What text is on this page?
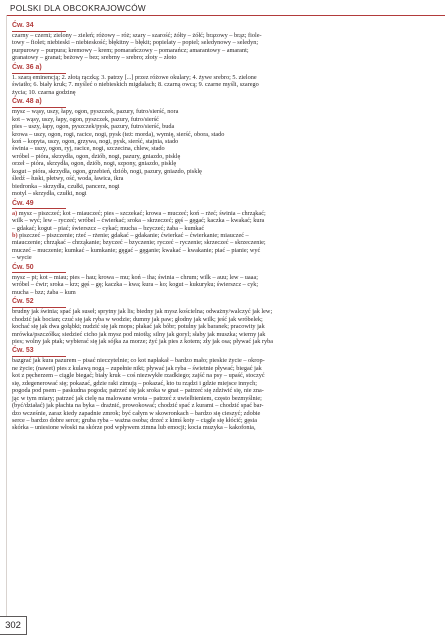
POLSKI DLA OBCOKRAJOWCÓW
Ćw. 34
czarny – czerni; zielony – zieleń; różowy – róż; szary – szarość; żółty – żółć; brązowy – brąz; fiole-
towy – fiolet; niebieski – niebieskość; błękitny – błękit; popielaty – popiel; seledynowy – seledyn;
purpurowy – purpura; kremowy – krem; pomarańczowy – pomarańcz; amarantowy – amarant;
granatowy – granat; beżowy – bez; srebrny – srebro; złoty – złoto
Ćw. 36 a)
1. szarą eminencją; 2. złotą rączką; 3. patrzy [...] przez różowe okulary; 4. żywe srebro; 5. zielone
światło; 6. biały kruk; 7. myśleć o niebieskich migdałach; 8. czarną owcą; 9. czarne myśli, szarego
życia; 10. czarna godzinę
Ćw. 48 a)
mysz – wąsy, uszy, łapy, ogon, pyszczek, pazury, futro/sierść, nora
kot – wąsy, uszy, łapy, ogon, pyszczek, pazury, futro/sierść
pies – uszy, łapy, ogon, pyszczek/pysk, pazury, futro/sierść, buda
krowa – uszy, ogon, rogi, racice, nogi, pysk (też: morda), wymię, sierść, obora, stado
koń – kopyta, uszy, ogon, grzywa, nogi, pysk, sierść, stajnia, stado
świnia – uszy, ogon, ryj, racice, nogi, szczecina, chlew, stado
wróbel – pióra, skrzydła, ogon, dziób, nogi, pazury, gniazdo, pisklę
orzeł – pióra, skrzydła, ogon, dziób, nogi, szpony, gniazdo, pisklę
kogut – pióra, skrzydła, ogon, grzebień, dziób, nogi, pazury, gniazdo, pisklę
śledź – łuski, płetwy, ość, woda, ławica, ikra
biedronka – skrzydła, czułki, pancerz, nogi
motyl – skrzydła, czułki, nogi
Ćw. 49
a) mysz – piszczeć; kot – miauczeć; pies – szczekać; krowa – muczeć; koń – rżeć; świnia – chrząkać;
wilk – wyć; lew – ryczeć; wróbel – ćwierkać; sroka – skrzeczeć; gęś – gęgać; kaczka – kwakać; kura
– gdakać; kogut – piać; świerszcz – cykać; mucha – bzyczeć; żaba – kumkać
b) piszczeć – piszczenie; rżeć – rżenie; gdakać – gdakanie; ćwierkać – ćwierkanie; miauczeć –
miauczenie; chrząkać – chrząkanie; bzyczeć – bzyczenie; ryczeć – ryczenie; skrzeczeć – skrzeczenie;
muczeć – muczenie; kumkać – kumkanie; gęgać – gęganie; kwakać – kwakanie; piać – pianie; wyć
– wycie
Ćw. 50
mysz – pi; kot – miau; pies – hau; krowa – mu; koń – iha; świnia – chrum; wilk – auu; lew – uaaa;
wróbel – ćwir; sroka – krz; gęś – gę; kaczka – kwa; kura – ko; kogut – kukuryku; świerszcz – cyk;
mucha – bzz; żaba – kum
Ćw. 52
brudny jak świnia; spać jak suseł; sprytny jak lis; biedny jak mysz kościelna; odważny/walczyć jak lew;
chodzić jak bocian; czuć się jak ryba w wodzie; dumny jak paw; głodny jak wilk; jeść jak wróbelek;
kochać się jak dwa gołąbki; nudzić się jak mops; płakać jak bóbr; potulny jak baranek; pracowity jak
mrówka/pszczółka; siedzieć cicho jak mysz pod miotłą; silny jak goryl; słaby jak muszka; wierny jak
pies; wolny jak ptak; wybierać się jak sójka za morze; żyć jak pies z kotem; zły jak osa; pływać jak ryba
Ćw. 53
bazgrać jak kura pazurem – pisać nieczytelnie; co kot napłakał – bardzo mało; pieskie życie – okrop-
ne życie; (nawet) pies z kulawą nogą – zupełnie nikt; pływać jak ryba – świetnie pływać; biegać jak
kot z pęcherzem – ciągle biegać; biały kruk – coś niezwykłe rzadkiego; zajść na psy – upaść, stoczyć
się, zdegenerować się; pokazać, gdzie raki zimują – pokazać, kto tu rządzi i gdzie miejsce innych;
pogoda pod psem – paskudna pogoda; patrzeć się jak sroka w gnat – patrzeć się zdziwić się, nie zna-
jąc w tym miary; patrzeć jak cielę na malowane wrota – patrzeć z uwielbieniem, często bezmyślnie;
(być/działać) jak płachta na byka – drażnić, prowokować; chodzić spać z kurami – chodzić spać bar-
dzo wcześnie, zaraz kiedy zapadnie zmrok; być całym w skowronkach – bardzo się cieszyć; zdobie
serce – bardzo dobre serce; gruba ryba – ważna osoba; drzeć z kimś koty – ciągle się kłócić; gęsia
skórka – uniesione włoski na skórze pod wpływem zimna lub emocji; kocia muzyka – kakofonia,
302
